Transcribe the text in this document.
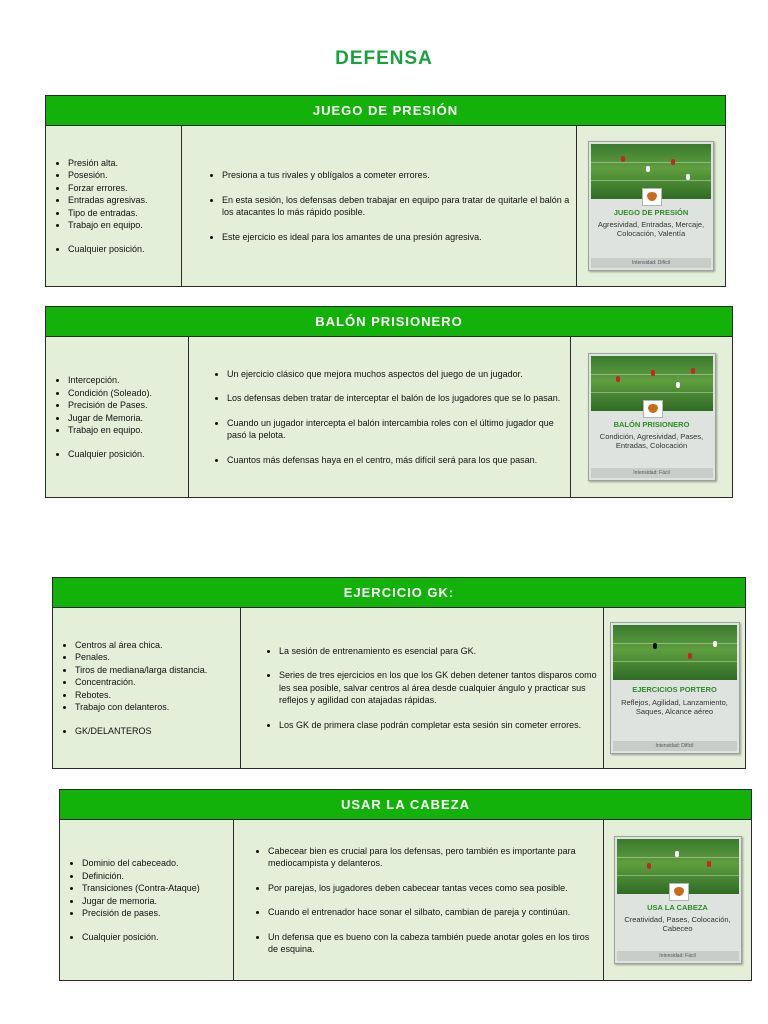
DEFENSA
JUEGO DE PRESIÓN
• Presión alta.
• Posesión.
• Forzar errores.
• Entradas agresivas.
• Tipo de entradas.
• Trabajo en equipo.
• Cualquier posición.
• Presiona a tus rivales y oblígalos a cometer errores.
• En esta sesión, los defensas deben trabajar en equipo para tratar de quitarle el balón a los atacantes lo más rápido posible.
• Este ejercicio es ideal para los amantes de una presión agresiva.
JUEGO DE PRESIÓN
Agresividad, Entradas, Mercaje, Colocación, Valentía
Intensidad: Difícil
BALÓN PRISIONERO
• Intercepción.
• Condición (Soleado).
• Precisión de Pases.
• Jugar de Memoria.
• Trabajo en equipo.
• Cualquier posición.
• Un ejercicio clásico que mejora muchos aspectos del juego de un jugador.
• Los defensas deben tratar de interceptar el balón de los jugadores que se lo pasan.
• Cuando un jugador intercepta el balón intercambia roles con el último jugador que pasó la pelota.
• Cuantos más defensas haya en el centro, más difícil será para los que pasan.
BALÓN PRISIONERO
Condición, Agresividad, Pases, Entradas, Colocación
Intensidad: Fácil
EJERCICIO GK:
• Centros al área chica.
• Penales.
• Tiros de mediana/larga distancia.
• Concentración.
• Rebotes.
• Trabajo con delanteros.
• GK/DELANTEROS
• La sesión de entrenamiento es esencial para GK.
• Series de tres ejercicios en los que los GK deben detener tantos disparos como les sea posible, salvar centros al área desde cualquier ángulo y practicar sus reflejos y agilidad con atajadas rápidas.
• Los GK de primera clase podrán completar esta sesión sin cometer errores.
EJERCICIOS PORTERO
Reflejos, Agilidad, Lanzamiento, Saques, Alcance aéreo
Intensidad: Difícil
USAR LA CABEZA
• Dominio del cabeceado.
• Definición.
• Transiciones (Contra-Ataque)
• Jugar de memoria.
• Precisión de pases.
• Cualquier posición.
• Cabecear bien es crucial para los defensas, pero también es importante para mediocampista y delanteros.
• Por parejas, los jugadores deben cabecear tantas veces como sea posible.
• Cuando el entrenador hace sonar el silbato, cambian de pareja y continúan.
• Un defensa que es bueno con la cabeza también puede anotar goles en los tiros de esquina.
USA LA CABEZA
Creatividad, Pases, Colocación, Cabeceo
Intensidad: Fácil
